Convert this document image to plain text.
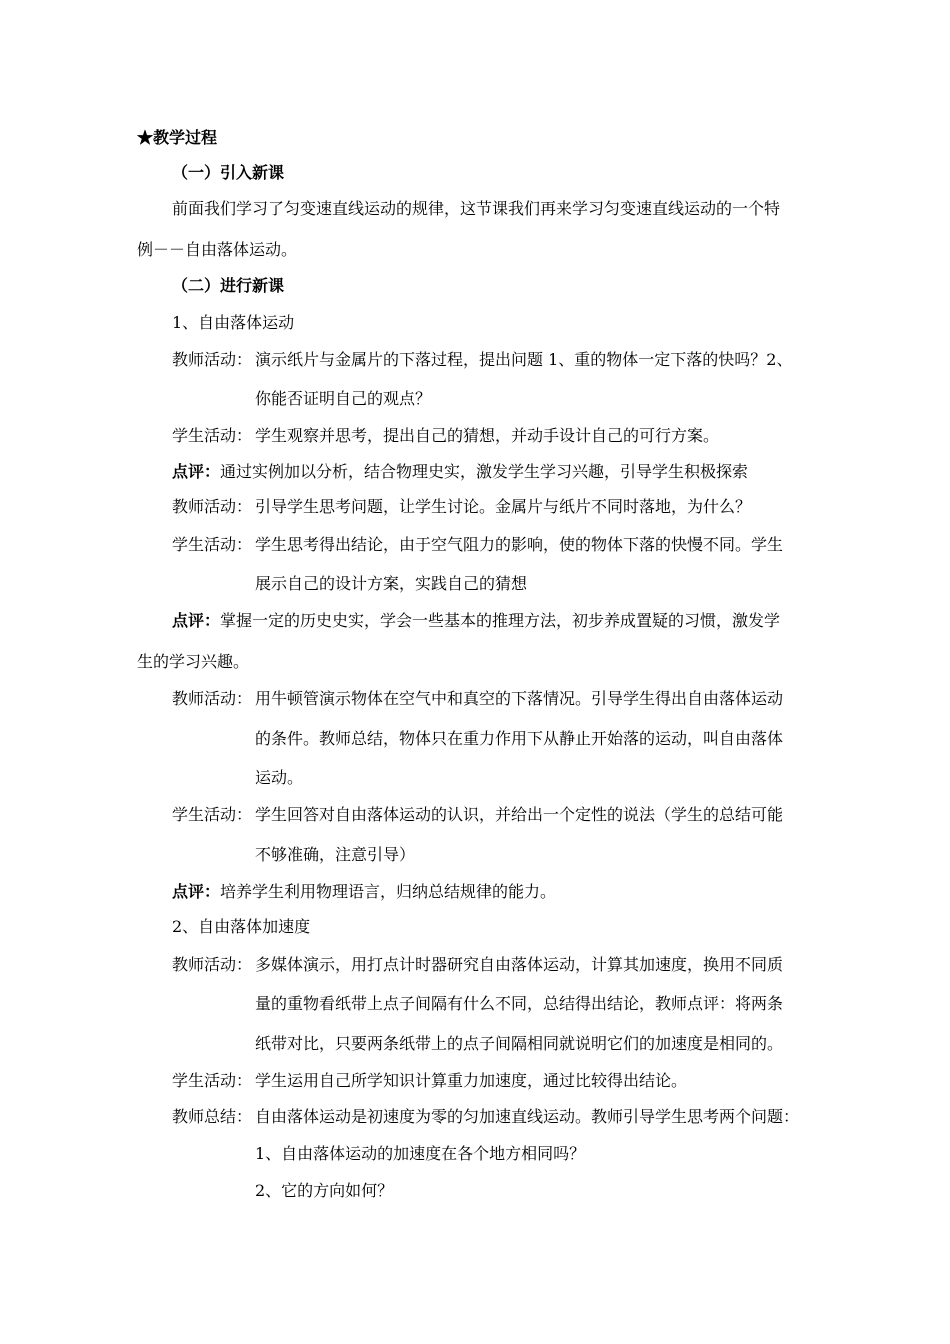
★教学过程
（一）引入新课
前面我们学习了匀变速直线运动的规律，这节课我们再来学习匀变速直线运动的一个特
例－－自由落体运动。
（二）进行新课
1、自由落体运动
教师活动： 演示纸片与金属片的下落过程，提出问题 1、重的物体一定下落的快吗？2、
你能否证明自己的观点？
学生活动： 学生观察并思考，提出自己的猜想，并动手设计自己的可行方案。
点评： 通过实例加以分析，结合物理史实，激发学生学习兴趣，引导学生积极探索
教师活动： 引导学生思考问题，让学生讨论。金属片与纸片不同时落地，为什么？
学生活动： 学生思考得出结论，由于空气阻力的影响，使的物体下落的快慢不同。学生
展示自己的设计方案，实践自己的猜想
点评： 掌握一定的历史史实，学会一些基本的推理方法，初步养成置疑的习惯，激发学
生的学习兴趣。
教师活动： 用牛顿管演示物体在空气中和真空的下落情况。引导学生得出自由落体运动
的条件。教师总结，物体只在重力作用下从静止开始落的运动，叫自由落体
运动。
学生活动： 学生回答对自由落体运动的认识，并给出一个定性的说法（学生的总结可能
不够准确，注意引导）
点评： 培养学生利用物理语言，归纳总结规律的能力。
2、自由落体加速度
教师活动： 多媒体演示，用打点计时器研究自由落体运动，计算其加速度，换用不同质
量的重物看纸带上点子间隔有什么不同，总结得出结论，教师点评：将两条
纸带对比，只要两条纸带上的点子间隔相同就说明它们的加速度是相同的。
学生活动： 学生运用自己所学知识计算重力加速度，通过比较得出结论。
教师总结： 自由落体运动是初速度为零的匀加速直线运动。教师引导学生思考两个问题：
1、自由落体运动的加速度在各个地方相同吗？
2、它的方向如何？
